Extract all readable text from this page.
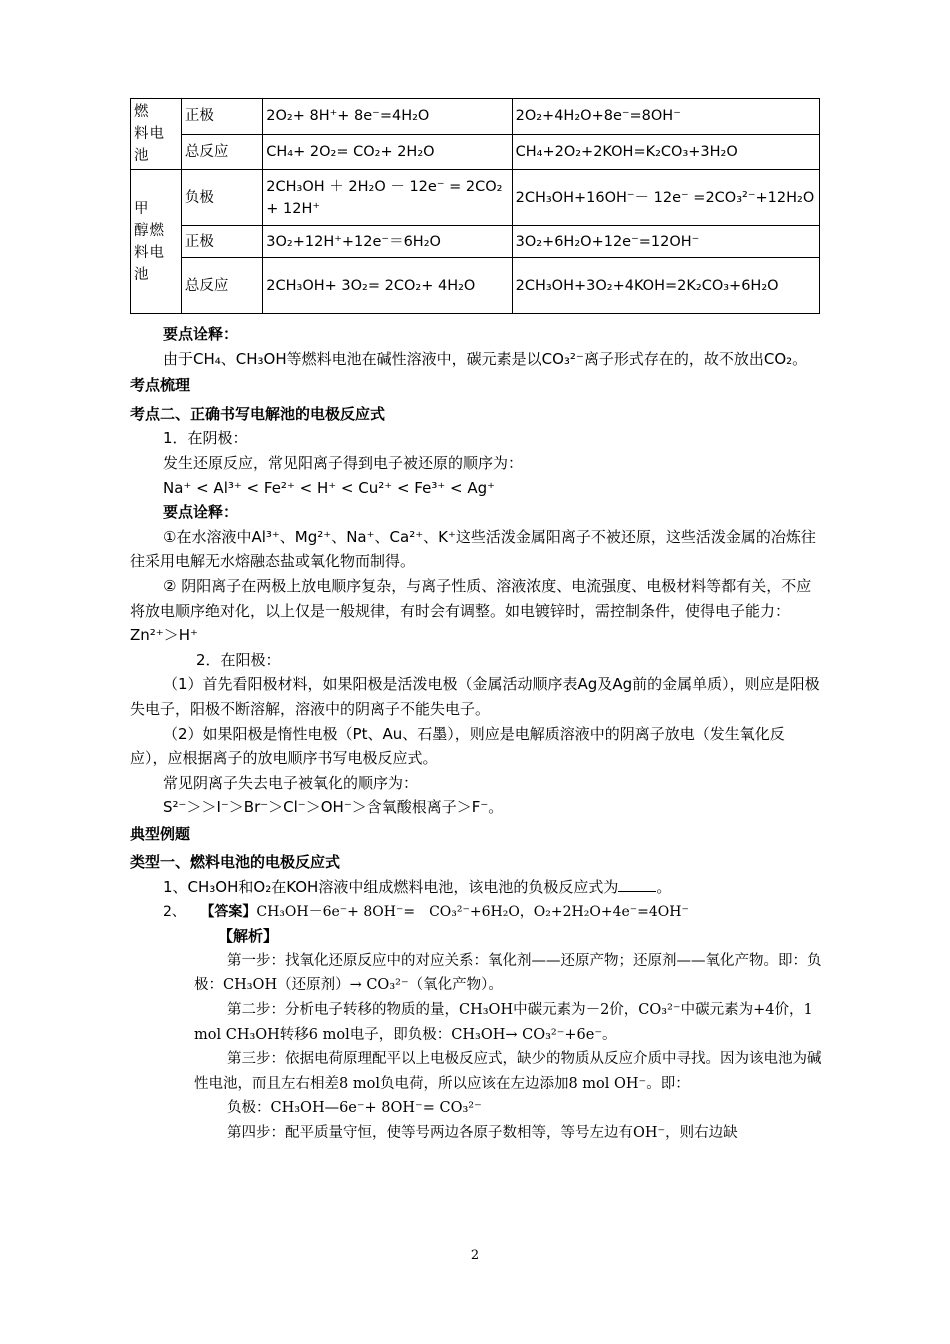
燃　料电池	正极	2O₂+ 8H⁺+ 8e⁻=4H₂O	2O₂+4H₂O+8e⁻=8OH⁻
	总反应	CH₄+ 2O₂= CO₂+ 2H₂O	CH₄+2O₂+2KOH=K₂CO₃+3H₂O
甲　醇燃　料电池	负极	2CH₃OH ＋ 2H₂O － 12e⁻ = 2CO₂+ 12H⁺	2CH₃OH+16OH⁻－ 12e⁻ =2CO₃²⁻+12H₂O
	正极	3O₂+12H⁺+12e⁻＝6H₂O	3O₂+6H₂O+12e⁻=12OH⁻
	总反应	2CH₃OH+ 3O₂= 2CO₂+ 4H₂O	2CH₃OH+3O₂+4KOH=2K₂CO₃+6H₂O

要点诠释：

由于CH₄、CH₃OH等燃料电池在碱性溶液中，碳元素是以CO₃²⁻离子形式存在的，故不放出CO₂。

考点梳理

考点二、正确书写电解池的电极反应式

1．在阴极：

发生还原反应，常见阳离子得到电子被还原的顺序为：

Na⁺ < Al³⁺ < Fe²⁺ < H⁺ < Cu²⁺ < Fe³⁺ < Ag⁺

要点诠释：

①在水溶液中Al³⁺、Mg²⁺、Na⁺、Ca²⁺、K⁺这些活泼金属阳离子不被还原，这些活泼金属的冶炼往往采用电解无水熔融态盐或氧化物而制得。

② 阴阳离子在两极上放电顺序复杂，与离子性质、溶液浓度、电流强度、电极材料等都有关，不应将放电顺序绝对化，以上仅是一般规律，有时会有调整。如电镀锌时，需控制条件，使得电子能力：Zn²⁺＞H⁺

2．在阳极：

（1）首先看阳极材料，如果阳极是活泼电极（金属活动顺序表Ag及Ag前的金属单质），则应是阳极失电子，阳极不断溶解，溶液中的阴离子不能失电子。

（2）如果阳极是惰性电极（Pt、Au、石墨），则应是电解质溶液中的阴离子放电（发生氧化反应），应根据离子的放电顺序书写电极反应式。

常见阴离子失去电子被氧化的顺序为：

S²⁻＞＞I⁻＞Br⁻＞Cl⁻＞OH⁻＞含氧酸根离子＞F⁻。

典型例题

类型一、燃料电池的电极反应式

1、CH₃OH和O₂在KOH溶液中组成燃料电池，该电池的负极反应式为	。

2、 【答案】CH₃OH－6e⁻+ 8OH⁻=　CO₃²⁻+6H₂O，O₂+2H₂O+4e⁻=4OH⁻

【解析】

第一步：找氧化还原反应中的对应关系：氧化剂——还原产物；还原剂——氧化产物。即：负极：CH₃OH（还原剂）→ CO₃²⁻（氧化产物）。

第二步：分析电子转移的物质的量，CH₃OH中碳元素为－2价，CO₃²⁻中碳元素为+4价，1 mol CH₃OH转移6 mol电子，即负极：CH₃OH→ CO₃²⁻+6e⁻。

第三步：依据电荷原理配平以上电极反应式，缺少的物质从反应介质中寻找。因为该电池为碱性电池，而且左右相差8 mol负电荷，所以应该在左边添加8 mol OH⁻。即：

负极：CH₃OH—6e⁻+ 8OH⁻= CO₃²⁻

第四步：配平质量守恒，使等号两边各原子数相等，等号左边有OH⁻，则右边缺

2
